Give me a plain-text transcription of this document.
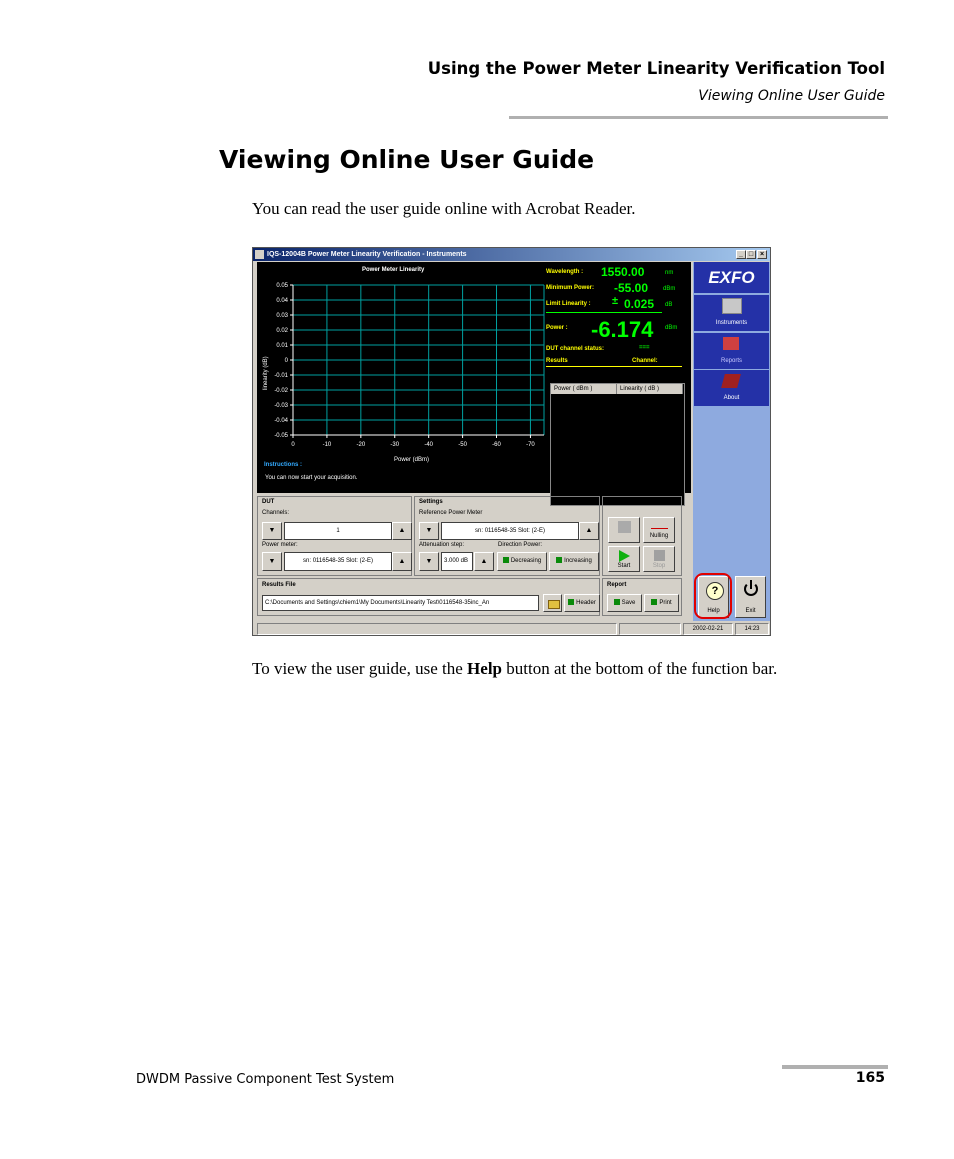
Using the Power Meter Linearity Verification Tool
Viewing Online User Guide
Viewing Online User Guide
You can read the user guide online with Acrobat Reader.
IQS-12004B Power Meter Linearity Verification - Instruments	_ □ ×
Power Meter Linearity
0.05
0.04
0.03
0.02
0.01
0
-0.01
-0.02
-0.03
-0.04
-0.05
0	-10	-20	-30	-40	-50	-60	-70
linearity (dB)
Power (dBm)
Instructions :
You can now start your acquisition.
Wavelength : 1550.00	nm
Minimum Power: -55.00 dBm
Limit Linearity : ± 0.025 dB
Power : -6.174 dBm
DUT channel status:	===
Results	Channel:
Power ( dBm )	Linearity ( dB )
EXFO
Instruments
Reports
About
?
Help	Exit
DUT
Channels:
▼	1	▲
Power meter:
▼	sn: 0116548-35 Slot: (2-E)	▲
Settings
Reference Power Meter
▼	sn: 0116548-35 Slot: (2-E)	▲
Attenuation step:	Direction Power:
▼	3.000 dB	▲	Decreasing	Increasing
Test
Nulling
Start	Stop
Results File
C:\Documents and Settings\chiem1\My Documents\Linearity Test\0116548-35inc_An	Header
Report
Save	Print
2002-02-21	14:23
To view the user guide, use the Help button at the bottom of the function bar.
DWDM Passive Component Test System	165
